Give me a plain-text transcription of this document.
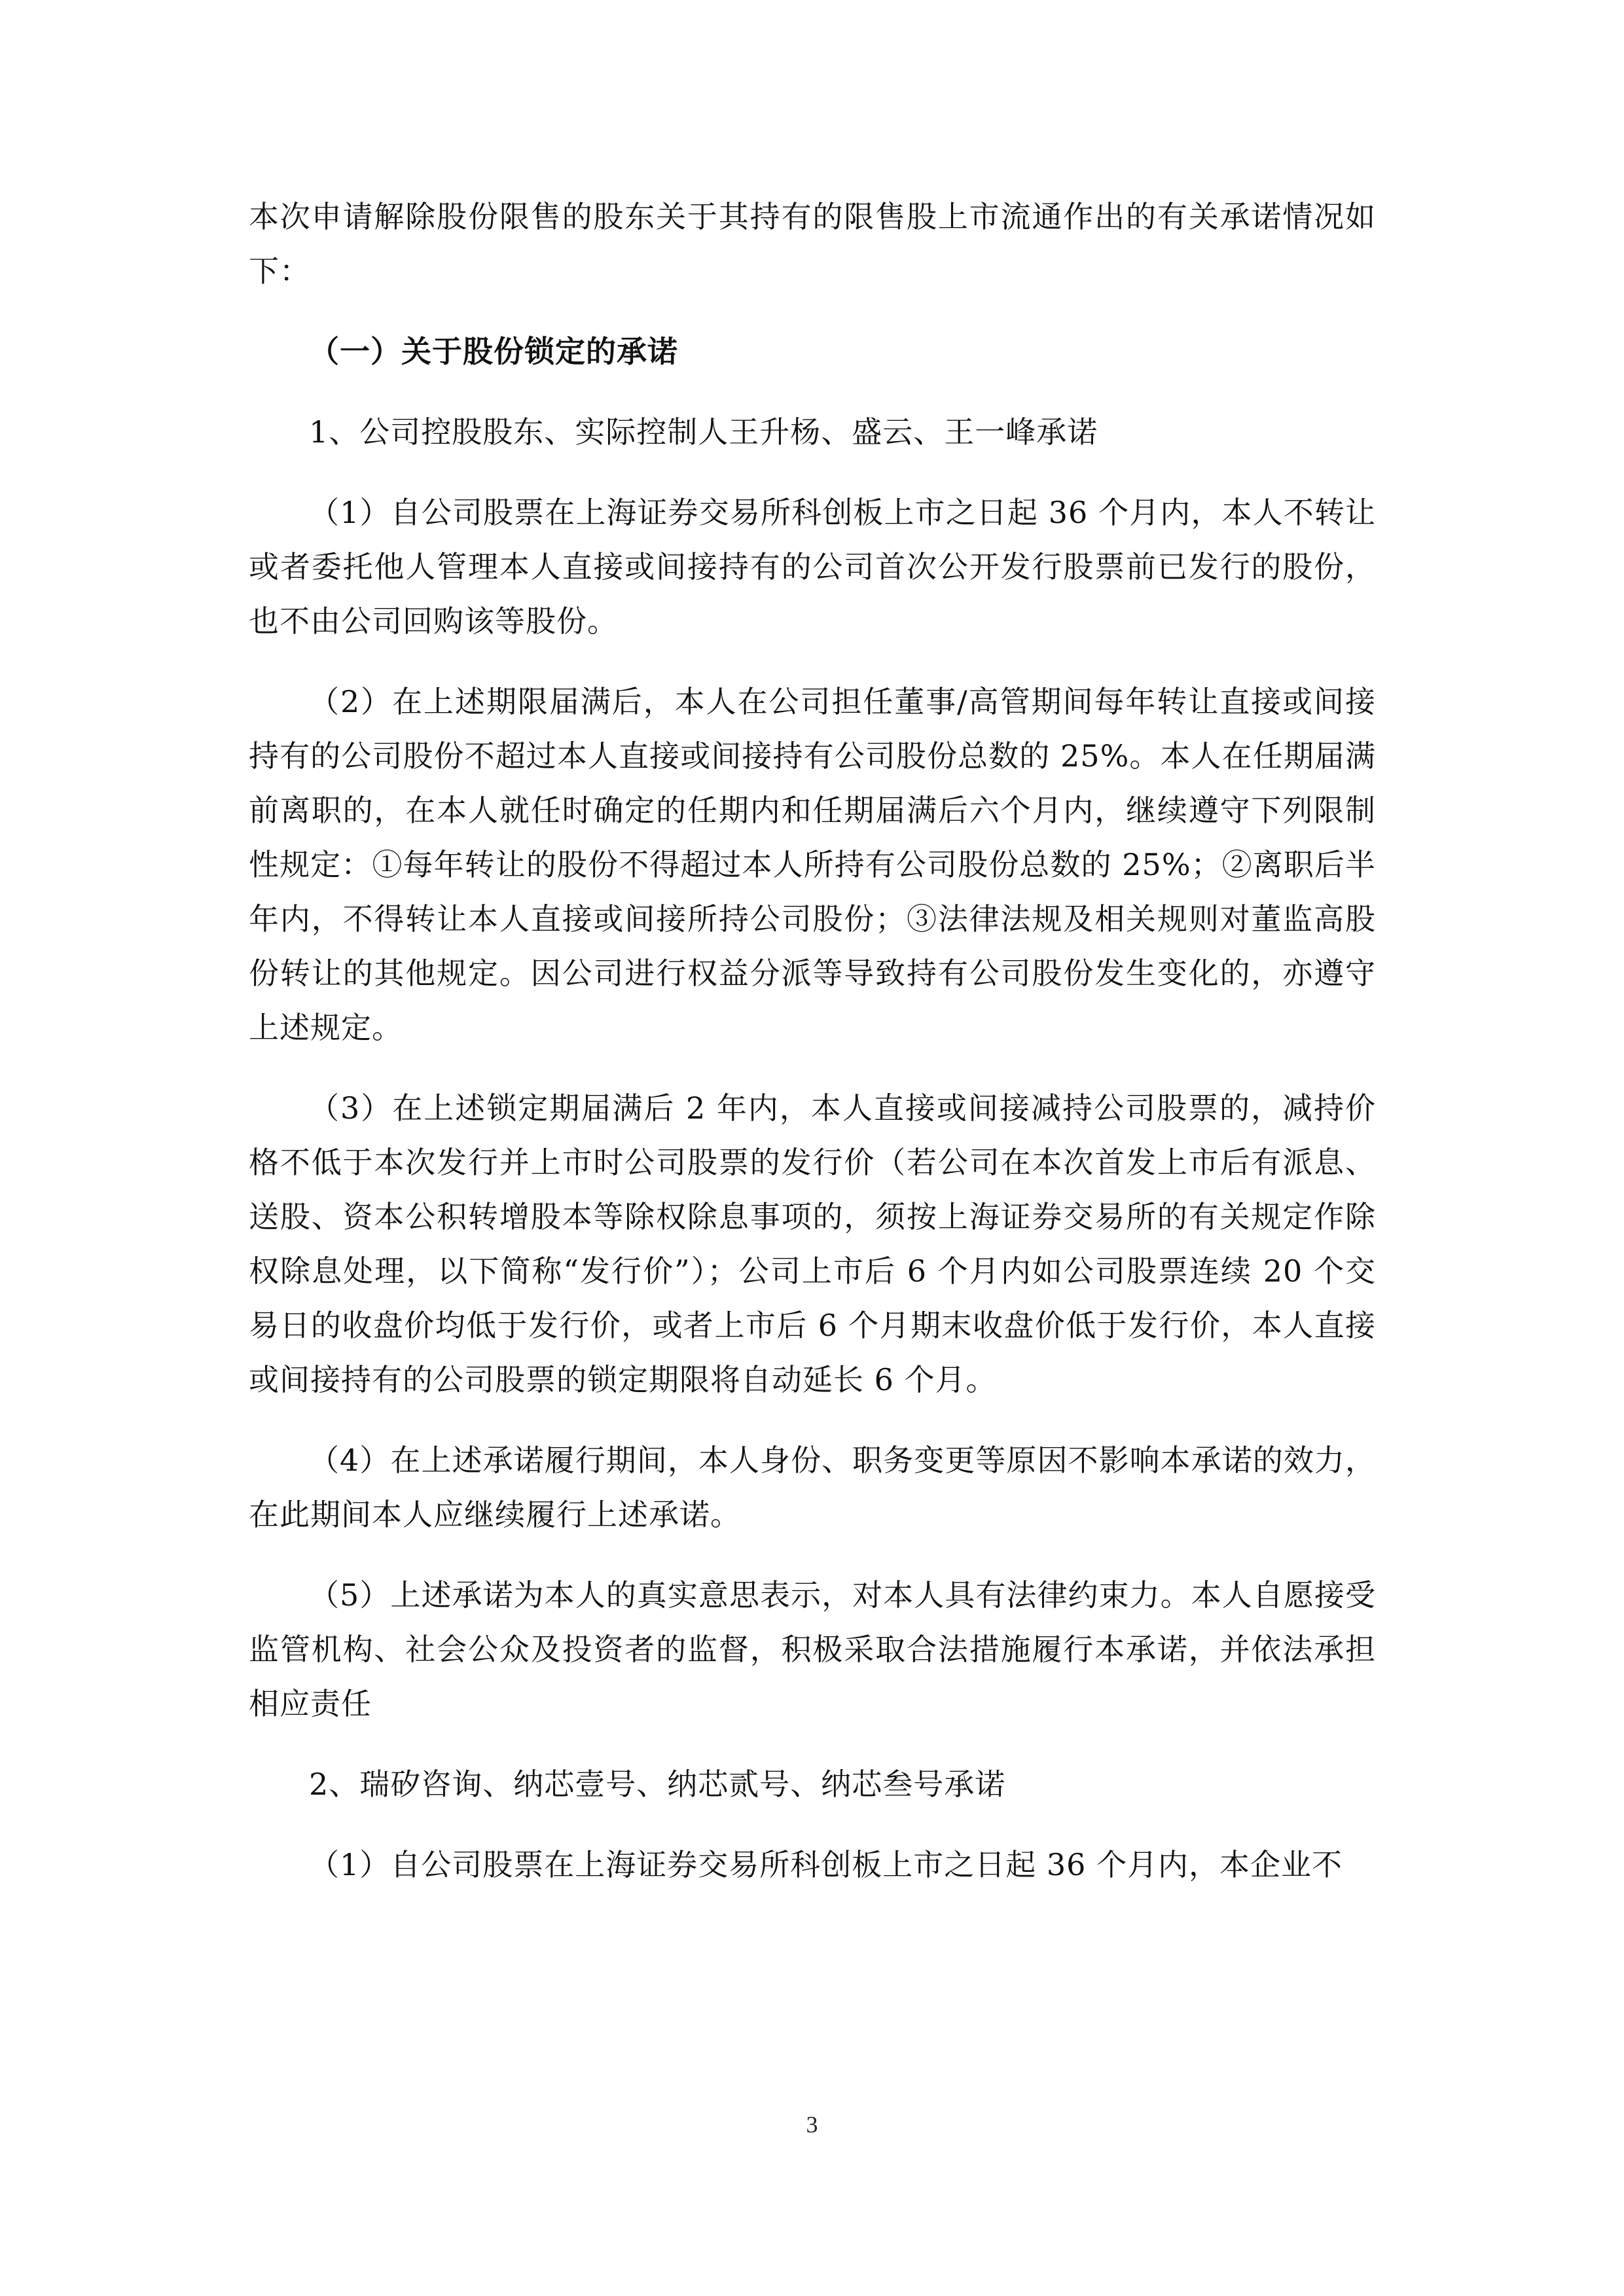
本次申请解除股份限售的股东关于其持有的限售股上市流通作出的有关承诺情况如下：

（一）关于股份锁定的承诺

1、公司控股股东、实际控制人王升杨、盛云、王一峰承诺

（1）自公司股票在上海证券交易所科创板上市之日起 36 个月内，本人不转让或者委托他人管理本人直接或间接持有的公司首次公开发行股票前已发行的股份，也不由公司回购该等股份。

（2）在上述期限届满后，本人在公司担任董事/高管期间每年转让直接或间接持有的公司股份不超过本人直接或间接持有公司股份总数的 25%。本人在任期届满前离职的，在本人就任时确定的任期内和任期届满后六个月内，继续遵守下列限制性规定：①每年转让的股份不得超过本人所持有公司股份总数的 25%；②离职后半年内，不得转让本人直接或间接所持公司股份；③法律法规及相关规则对董监高股份转让的其他规定。因公司进行权益分派等导致持有公司股份发生变化的，亦遵守上述规定。

（3）在上述锁定期届满后 2 年内，本人直接或间接减持公司股票的，减持价格不低于本次发行并上市时公司股票的发行价（若公司在本次首发上市后有派息、送股、资本公积转增股本等除权除息事项的，须按上海证券交易所的有关规定作除权除息处理，以下简称“发行价”）；公司上市后 6 个月内如公司股票连续 20 个交易日的收盘价均低于发行价，或者上市后 6 个月期末收盘价低于发行价，本人直接或间接持有的公司股票的锁定期限将自动延长 6 个月。

（4）在上述承诺履行期间，本人身份、职务变更等原因不影响本承诺的效力，在此期间本人应继续履行上述承诺。

（5）上述承诺为本人的真实意思表示，对本人具有法律约束力。本人自愿接受监管机构、社会公众及投资者的监督，积极采取合法措施履行本承诺，并依法承担相应责任

2、瑞矽咨询、纳芯壹号、纳芯贰号、纳芯叁号承诺

（1）自公司股票在上海证券交易所科创板上市之日起 36 个月内，本企业不

3
